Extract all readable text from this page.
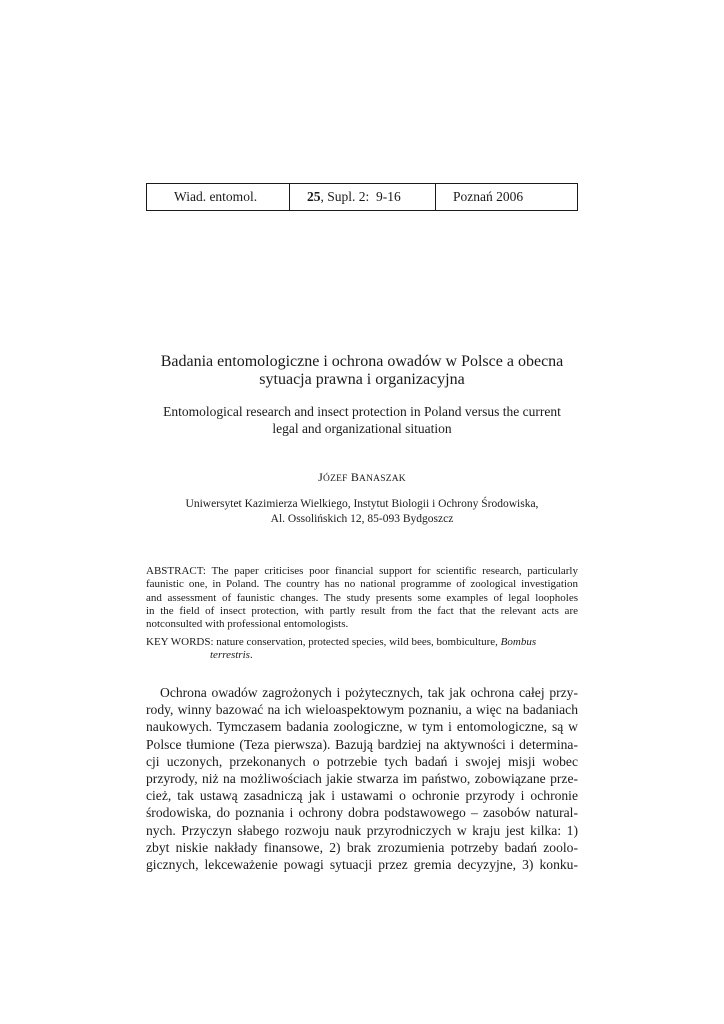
Wiad. entomol.	25 , Supl. 2:  9-16	Poznań 2006
Badania entomologiczne i ochrona owadów w Polsce a obecna
sytuacja prawna i organizacyjna
Entomological research and insect protection in Poland versus the current
legal and organizational situation
JÓZEF BANASZAK
Uniwersytet Kazimierza Wielkiego, Instytut Biologii i Ochrony Środowiska,
Al. Ossolińskich 12, 85-093 Bydgoszcz
ABSTRACT: The paper criticises poor financial support for scientific research, particularly
faunistic one, in Poland. The country has no national programme of zoological investigation
and assessment of faunistic changes. The study presents some examples of legal loopholes
in the field of insect protection, with partly result from the fact that the relevant acts are
notconsulted with professional entomologists.
KEY WORDS: nature conservation, protected species, wild bees, bombiculture, Bombus
terrestris.
Ochrona owadów zagrożonych i pożytecznych, tak jak ochrona całej przy-
rody, winny bazować na ich wieloaspektowym poznaniu, a więc na badaniach
naukowych. Tymczasem badania zoologiczne, w tym i entomologiczne, są w
Polsce tłumione (Teza pierwsza). Bazują bardziej na aktywności i determina-
cji uczonych, przekonanych o potrzebie tych badań i swojej misji wobec
przyrody, niż na możliwościach jakie stwarza im państwo, zobowiązane prze-
cież, tak ustawą zasadniczą jak i ustawami o ochronie przyrody i ochronie
środowiska, do poznania i ochrony dobra podstawowego – zasobów natural-
nych. Przyczyn słabego rozwoju nauk przyrodniczych w kraju jest kilka: 1)
zbyt niskie nakłady finansowe, 2) brak zrozumienia potrzeby badań zoolo-
gicznych, lekceważenie powagi sytuacji przez gremia decyzyjne, 3) konku-
